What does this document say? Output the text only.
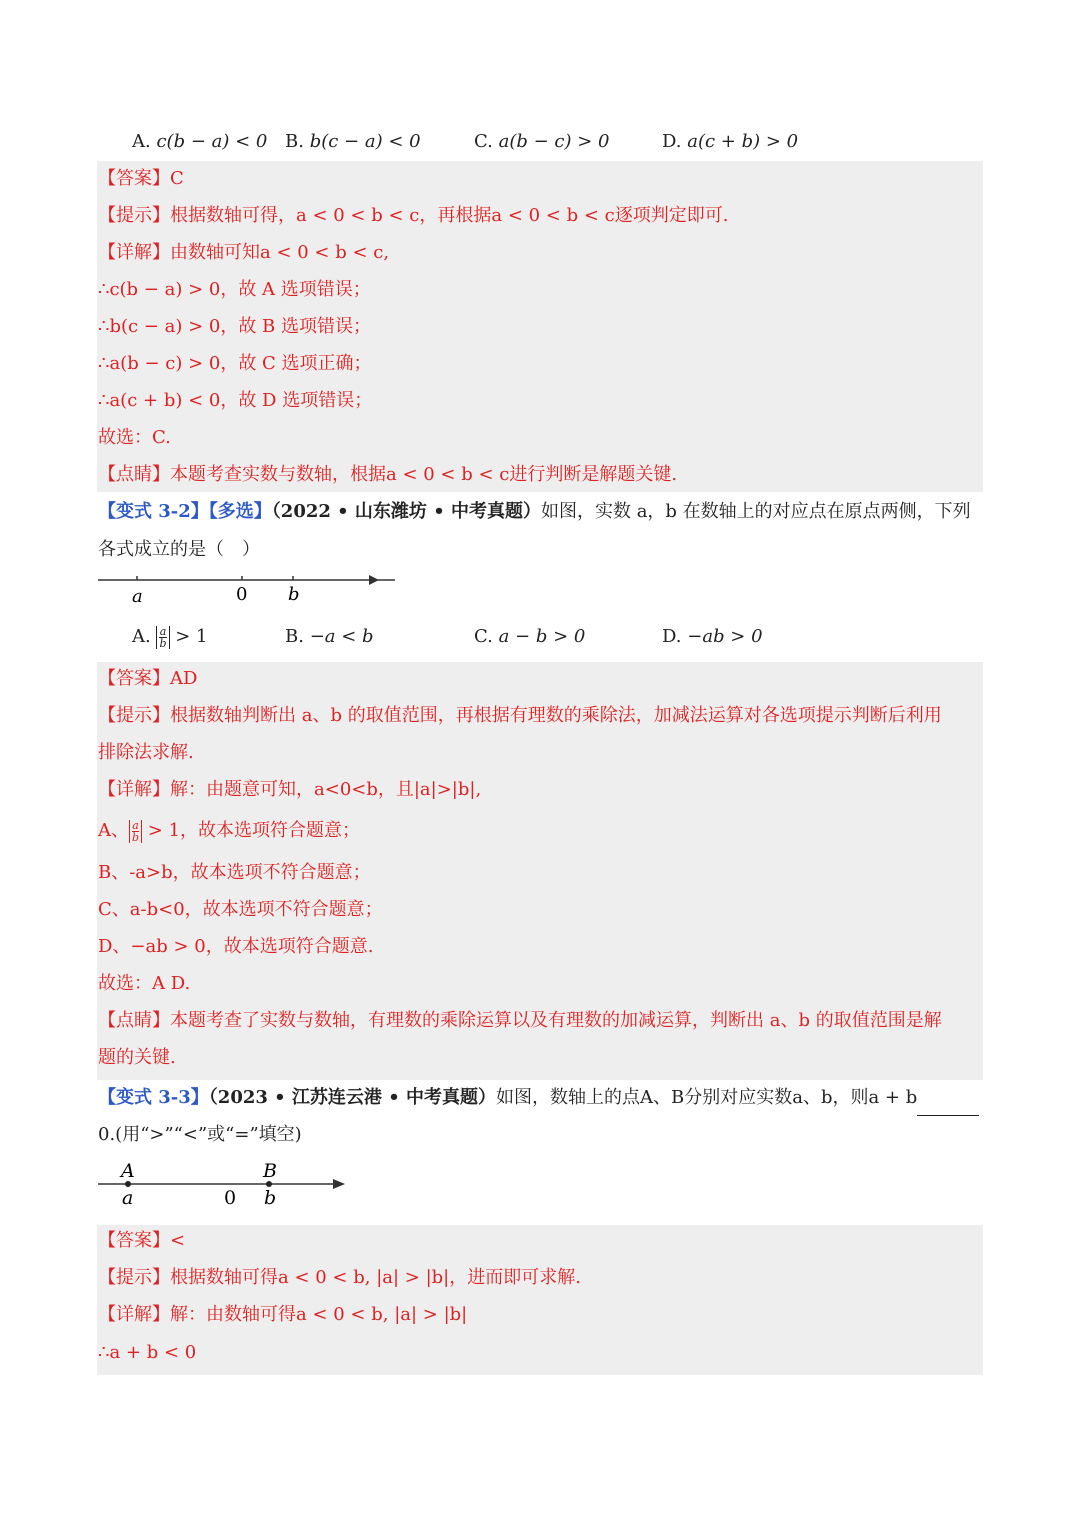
A. c(b − a) < 0 B. b(c − a) < 0	C. a(b − c) > 0	D. a(c + b) > 0
【答案】C
【提示】根据数轴可得，a < 0 < b < c，再根据a < 0 < b < c逐项判定即可.
【详解】由数轴可知a < 0 < b < c,
∴c(b − a) > 0，故 A 选项错误；
∴b(c − a) > 0，故 B 选项错误；
∴a(b − c) > 0，故 C 选项正确；
∴a(c + b) < 0，故 D 选项错误；
故选：C.
【点睛】本题考查实数与数轴，根据a < 0 < b < c进行判断是解题关键.
【变式 3-2】【多选】（2022 • 山东潍坊 • 中考真题）如图，实数 a，b 在数轴上的对应点在原点两侧，下列
各式成立的是（　）
a	0 b
A. $\frac{a}{b} > 1$	B. −a < b	C. a − b > 0	D. −ab > 0
【答案】AD
【提示】根据数轴判断出 a、b 的取值范围，再根据有理数的乘除法，加减法运算对各选项提示判断后利用
排除法求解.
【详解】解：由题意可知，a<0<b，且|a|>|b|,
A、 $\frac{a}{b} > 1$，故本选项符合题意；
B、-a>b，故本选项不符合题意；
C、a-b<0，故本选项不符合题意；
D、−ab > 0，故本选项符合题意.
故选：A D.
【点睛】本题考查了实数与数轴，有理数的乘除运算以及有理数的加减运算，判断出 a、b 的取值范围是解
题的关键.
【变式 3-3】（2023 • 江苏连云港 • 中考真题）如图，数轴上的点A、B分别对应实数a、b，则a + b
0.(用“>”“<”或“=”填空)
A
a	0
B
b
【答案】<
【提示】根据数轴可得a < 0 < b, |a| > |b|，进而即可求解.
【详解】解：由数轴可得a < 0 < b, |a| > |b|
∴a + b < 0
